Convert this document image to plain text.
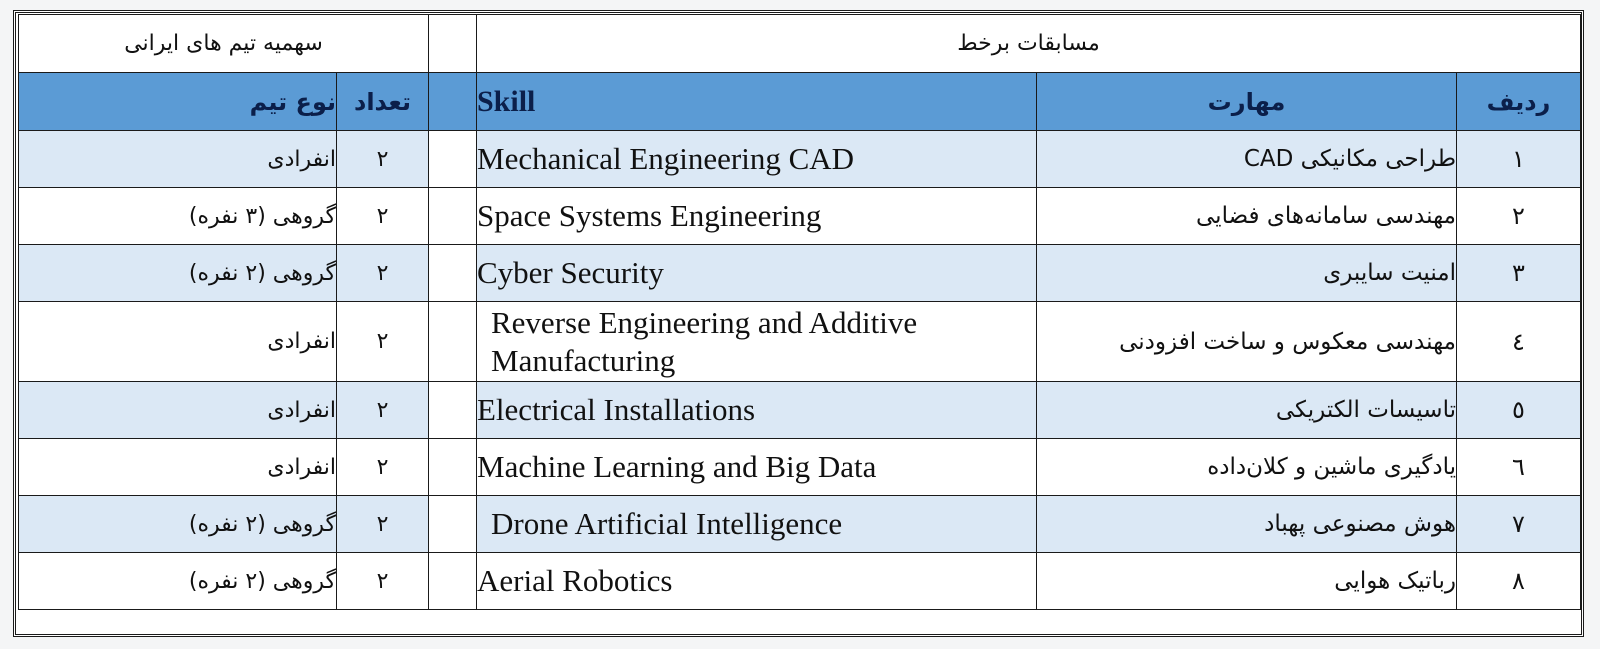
سهمیه تیم های ایرانی			مسابقات برخط		
نوع تیم	تعداد		Skill	مهارت	ردیف
انفرادی	٢		Mechanical Engineering CAD	طراحی مکانیکی CAD	١
گروهی (٣ نفره)	٢		Space Systems Engineering	مهندسی سامانه‌های فضایی	٢
گروهی (٢ نفره)	٢		Cyber Security	امنیت سایبری	٣
انفرادی	٢		Reverse Engineering and Additive Manufacturing	مهندسی معکوس و ساخت افزودنی	٤
انفرادی	٢		Electrical Installations	تاسیسات الکتریکی	٥
انفرادی	٢		Machine Learning and Big Data	یادگیری ماشین و کلان‌داده	٦
گروهی (٢ نفره)	٢		Drone Artificial Intelligence	هوش مصنوعی پهباد	٧
گروهی (٢ نفره)	٢		Aerial Robotics	رباتیک هوایی	٨
